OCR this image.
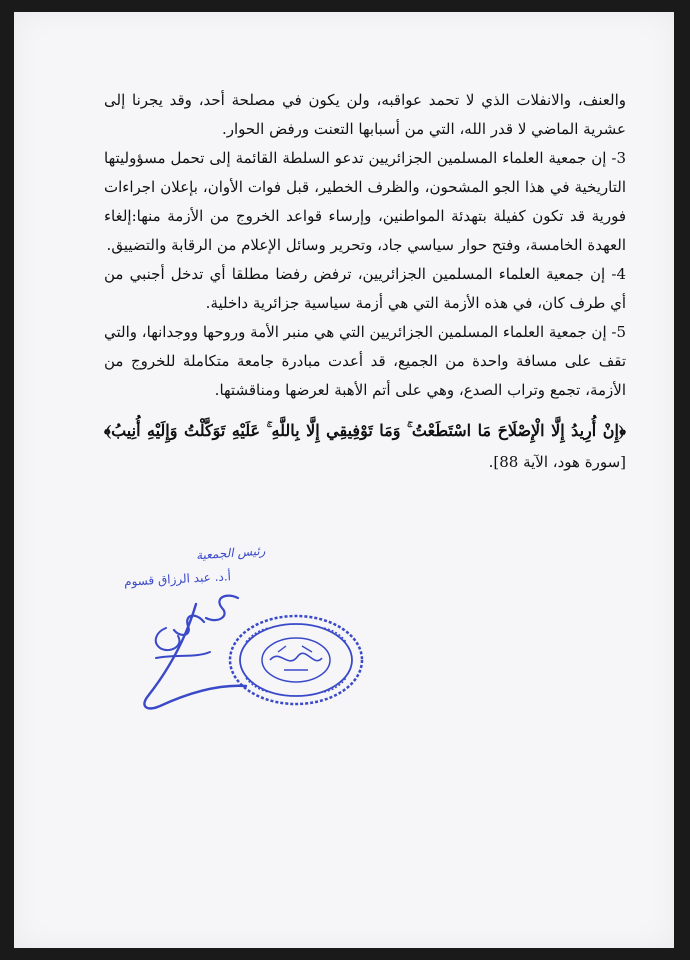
والعنف، والانفلات الذي لا تحمد عواقبه، ولن يكون في مصلحة أحد، وقد يجرنا إلى عشرية الماضي لا قدر الله، التي من أسبابها التعنت ورفض الحوار.

3- إن جمعية العلماء المسلمين الجزائريين تدعو السلطة القائمة إلى تحمل مسؤوليتها التاريخية في هذا الجو المشحون، والظرف الخطير، قبل فوات الأوان، بإعلان اجراءات فورية قد تكون كفيلة بتهدئة المواطنين، وإرساء قواعد الخروج من الأزمة منها:إلغاء العهدة الخامسة، وفتح حوار سياسي جاد، وتحرير وسائل الإعلام من الرقابة والتضييق.

4- إن جمعية العلماء المسلمين الجزائريين، ترفض رفضا مطلقا أي تدخل أجنبي من أي طرف كان، في هذه الأزمة التي هي أزمة سياسية جزائرية داخلية.

5- إن جمعية العلماء المسلمين الجزائريين التي هي منبر الأمة وروحها ووجدانها، والتي تقف على مسافة واحدة من الجميع، قد أعدت مبادرة جامعة متكاملة للخروج من الأزمة، تجمع وتراب الصدع، وهي على أتم الأهبة لعرضها ومناقشتها.

﴿إِنْ أُرِيدُ إِلَّا الْإِصْلَاحَ مَا اسْتَطَعْتُ ۚ وَمَا تَوْفِيقِي إِلَّا بِاللَّهِ ۚ عَلَيْهِ تَوَكَّلْتُ وَإِلَيْهِ أُنِيبُ﴾ [سورة هود، الآية 88].

رئيس الجمعية
أ.د. عبد الرزاق قسوم
